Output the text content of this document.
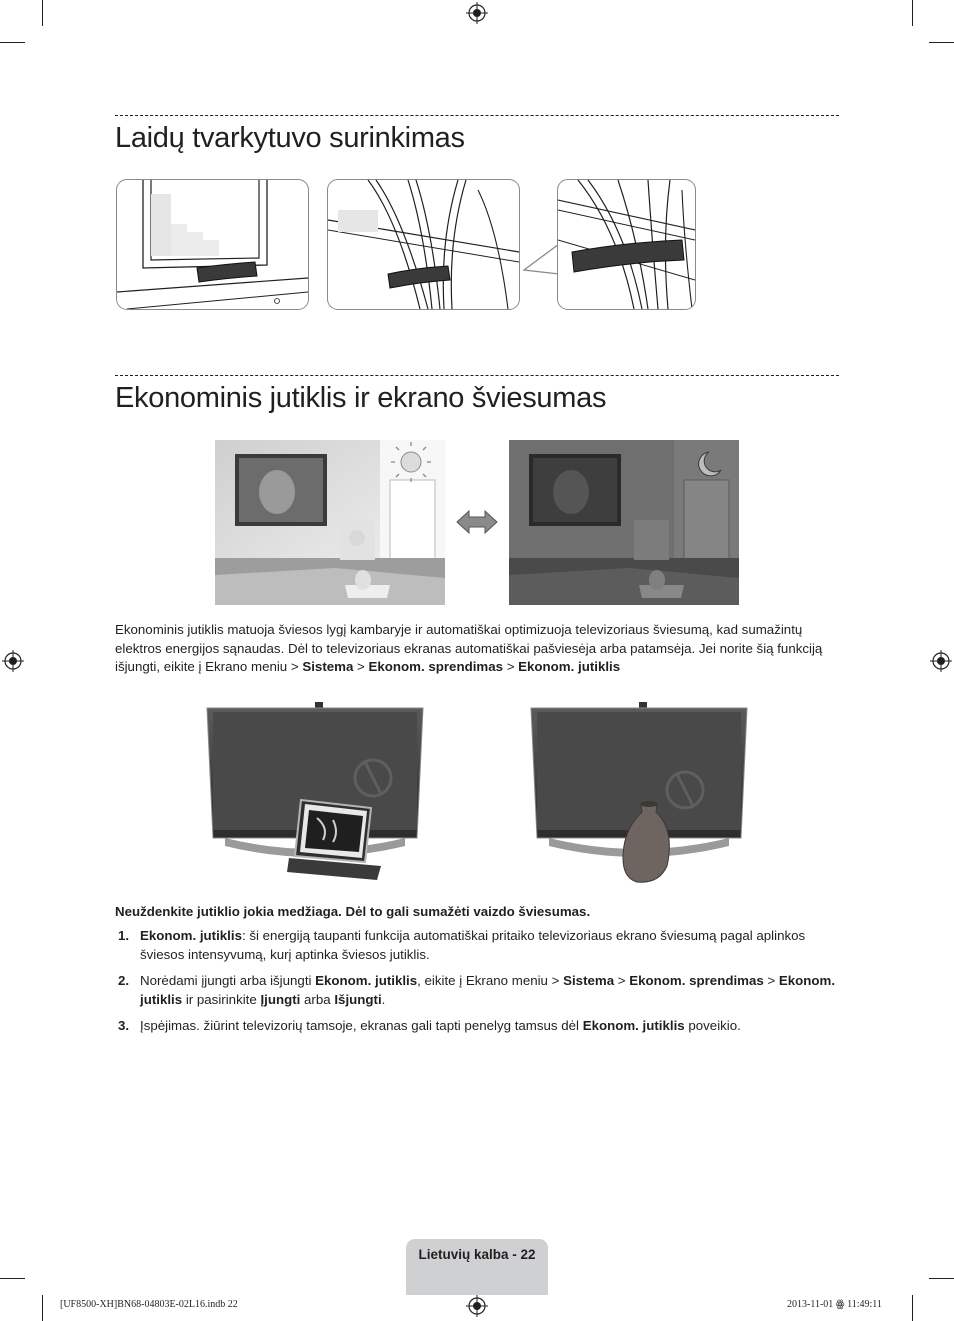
Laidų tvarkytuvo surinkimas
Ekonominis jutiklis ir ekrano šviesumas
Ekonominis jutiklis matuoja šviesos lygį kambaryje ir automatiškai optimizuoja televizoriaus šviesumą, kad sumažintų elektros energijos sąnaudas. Dėl to televizoriaus ekranas automatiškai pašviesėja arba patamsėja. Jei norite šią funkciją išjungti, eikite į Ekrano meniu > Sistema > Ekonom. sprendimas > Ekonom. jutiklis
Neuždenkite jutiklio jokia medžiaga. Dėl to gali sumažėti vaizdo šviesumas.
1. Ekonom. jutiklis: ši energiją taupanti funkcija automatiškai pritaiko televizoriaus ekrano šviesumą pagal aplinkos šviesos intensyvumą, kurį aptinka šviesos jutiklis.
2. Norėdami įjungti arba išjungti Ekonom. jutiklis, eikite į Ekrano meniu > Sistema > Ekonom. sprendimas > Ekonom. jutiklis ir pasirinkite Įjungti arba Išjungti.
3. Įspėjimas. žiūrint televizorių tamsoje, ekranas gali tapti penelyg tamsus dėl Ekonom. jutiklis poveikio.
Lietuvių kalba - 22
[UF8500-XH]BN68-04803E-02L16.indb 22	2013-11-01 ꙮ 11:49:11
